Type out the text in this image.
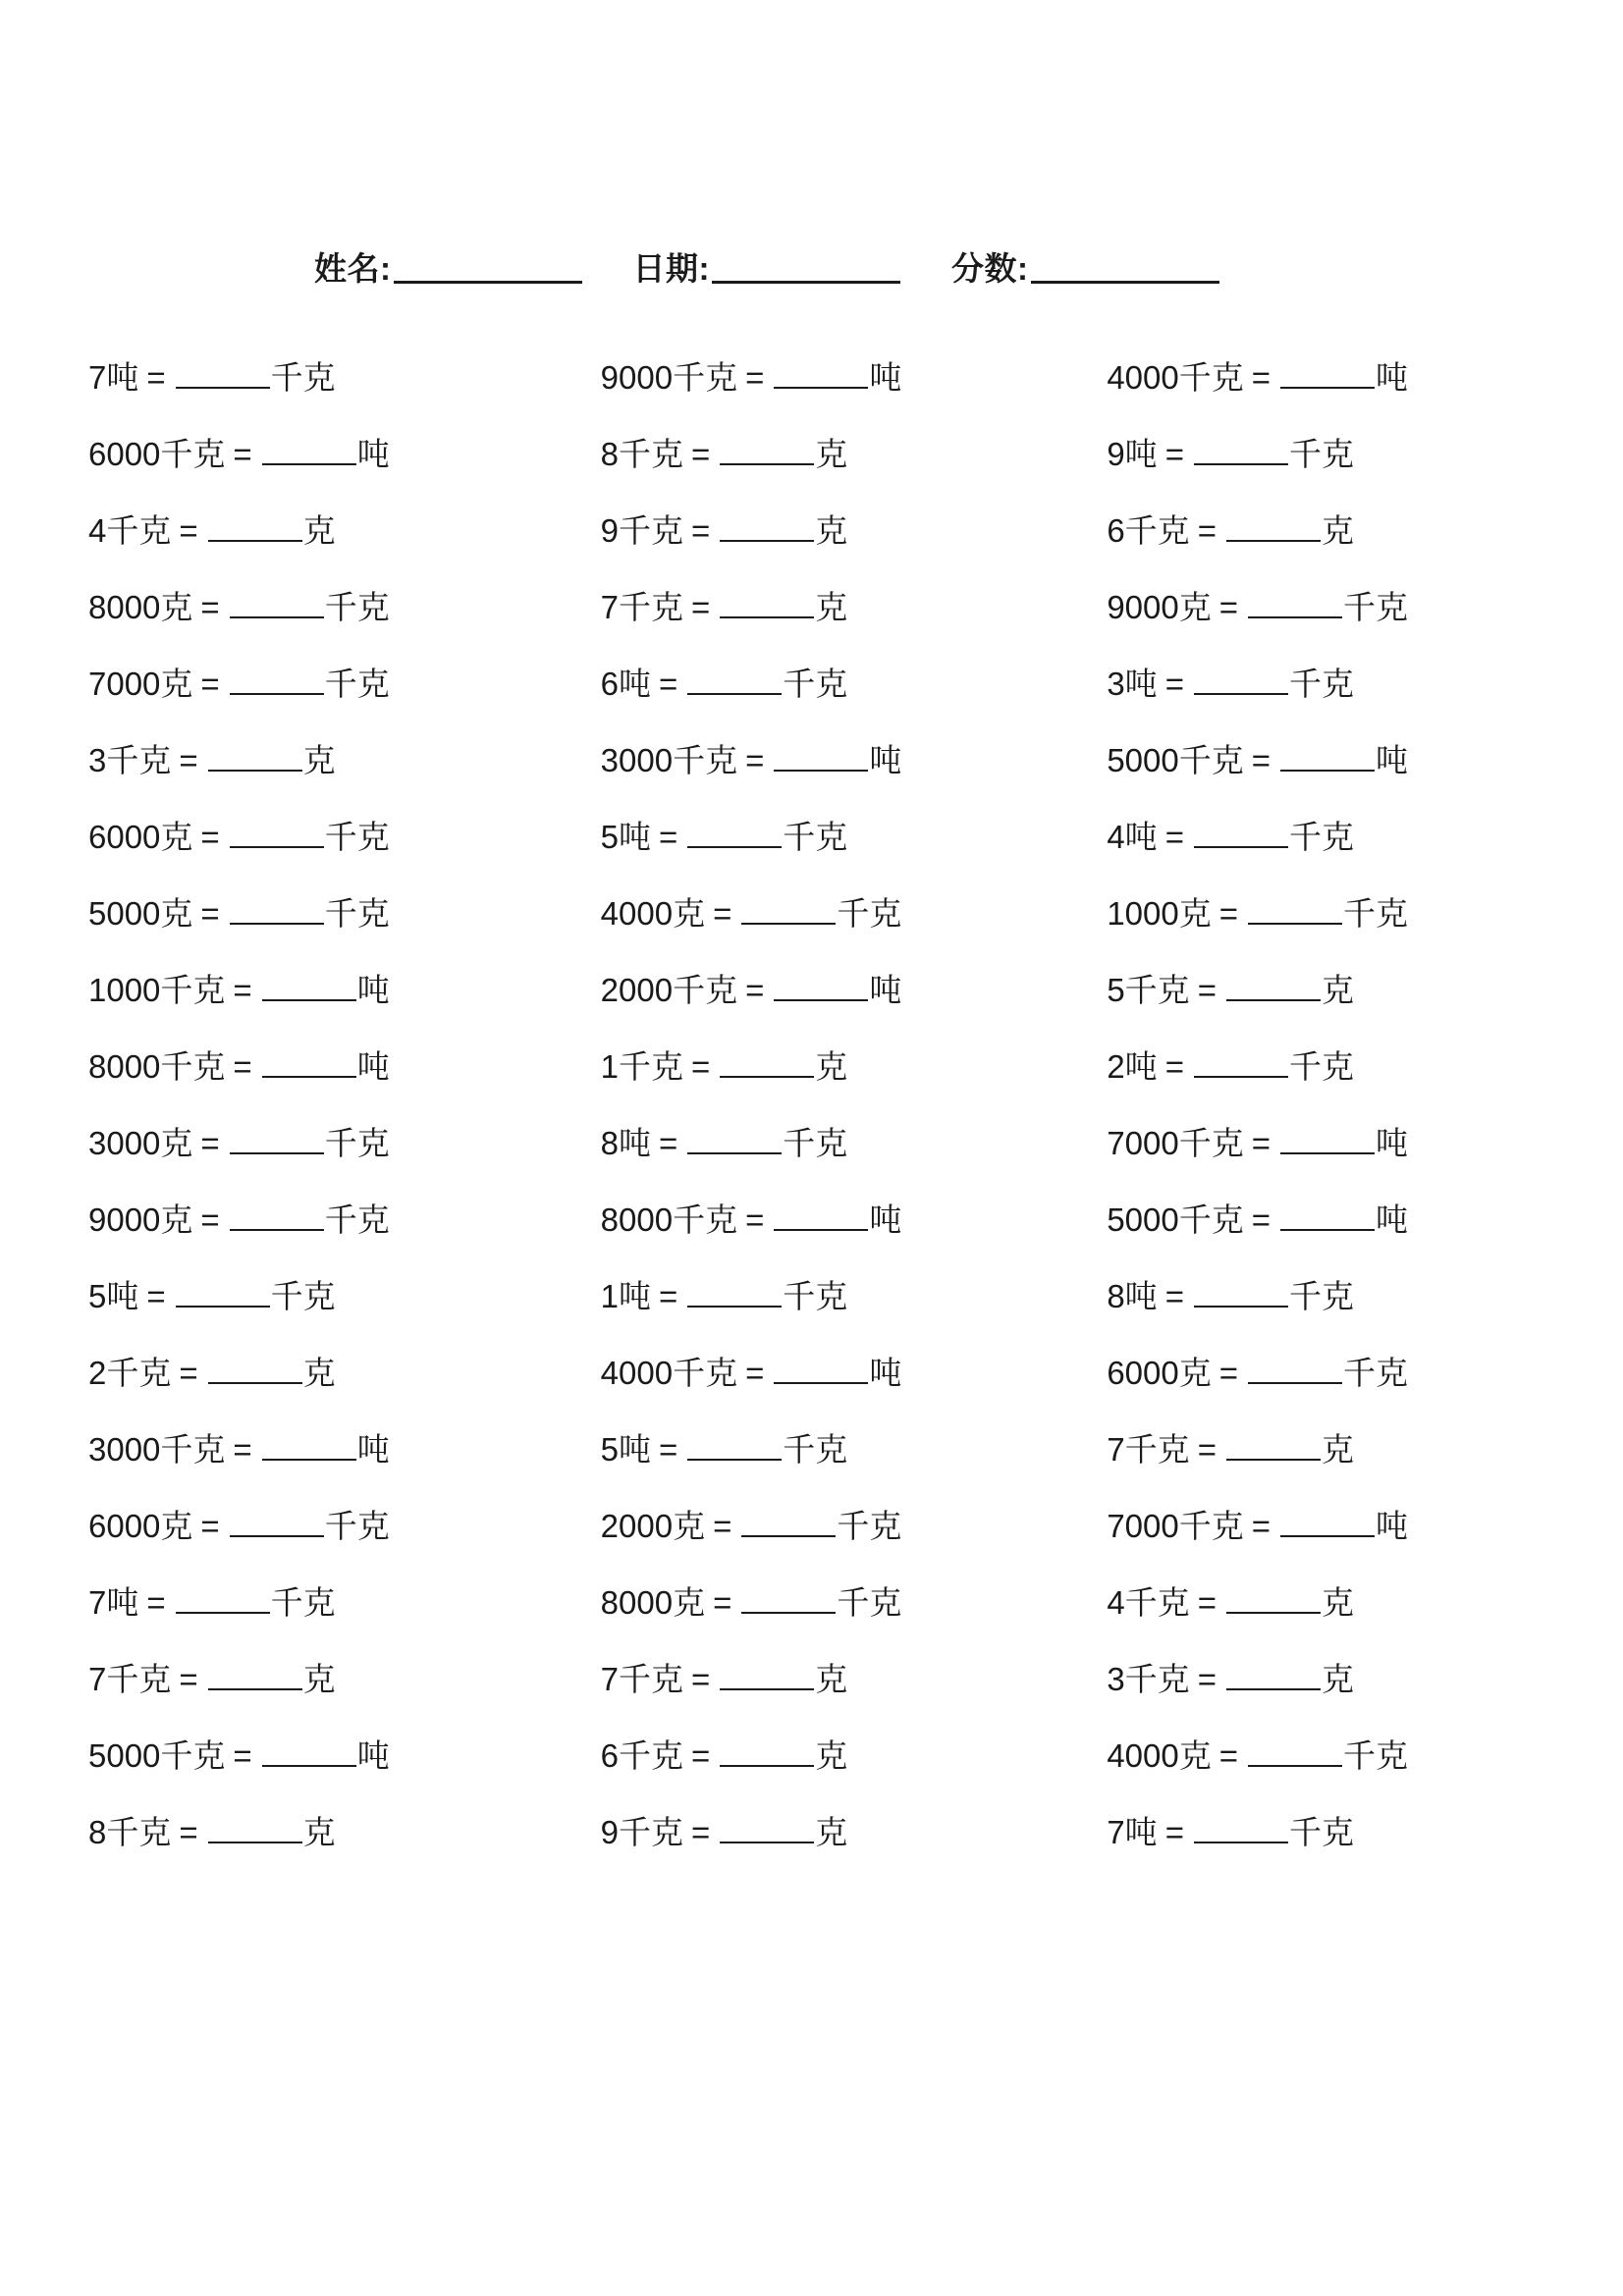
姓名:	日期:	分数:
7吨 =	千克	9000千克 =	吨	4000千克 =	吨
6000千克 =	吨	8千克 =	克	9吨 =	千克
4千克 =	克	9千克 =	克	6千克 =	克
8000克 =	千克	7千克 =	克	9000克 =	千克
7000克 =	千克	6吨 =	千克	3吨 =	千克
3千克 =	克	3000千克 =	吨	5000千克 =	吨
6000克 =	千克	5吨 =	千克	4吨 =	千克
5000克 =	千克	4000克 =	千克	1000克 =	千克
1000千克 =	吨	2000千克 =	吨	5千克 =	克
8000千克 =	吨	1千克 =	克	2吨 =	千克
3000克 =	千克	8吨 =	千克	7000千克 =	吨
9000克 =	千克	8000千克 =	吨	5000千克 =	吨
5吨 =	千克	1吨 =	千克	8吨 =	千克
2千克 =	克	4000千克 =	吨	6000克 =	千克
3000千克 =	吨	5吨 =	千克	7千克 =	克
6000克 =	千克	2000克 =	千克	7000千克 =	吨
7吨 =	千克	8000克 =	千克	4千克 =	克
7千克 =	克	7千克 =	克	3千克 =	克
5000千克 =	吨	6千克 =	克	4000克 =	千克
8千克 =	克	9千克 =	克	7吨 =	千克
